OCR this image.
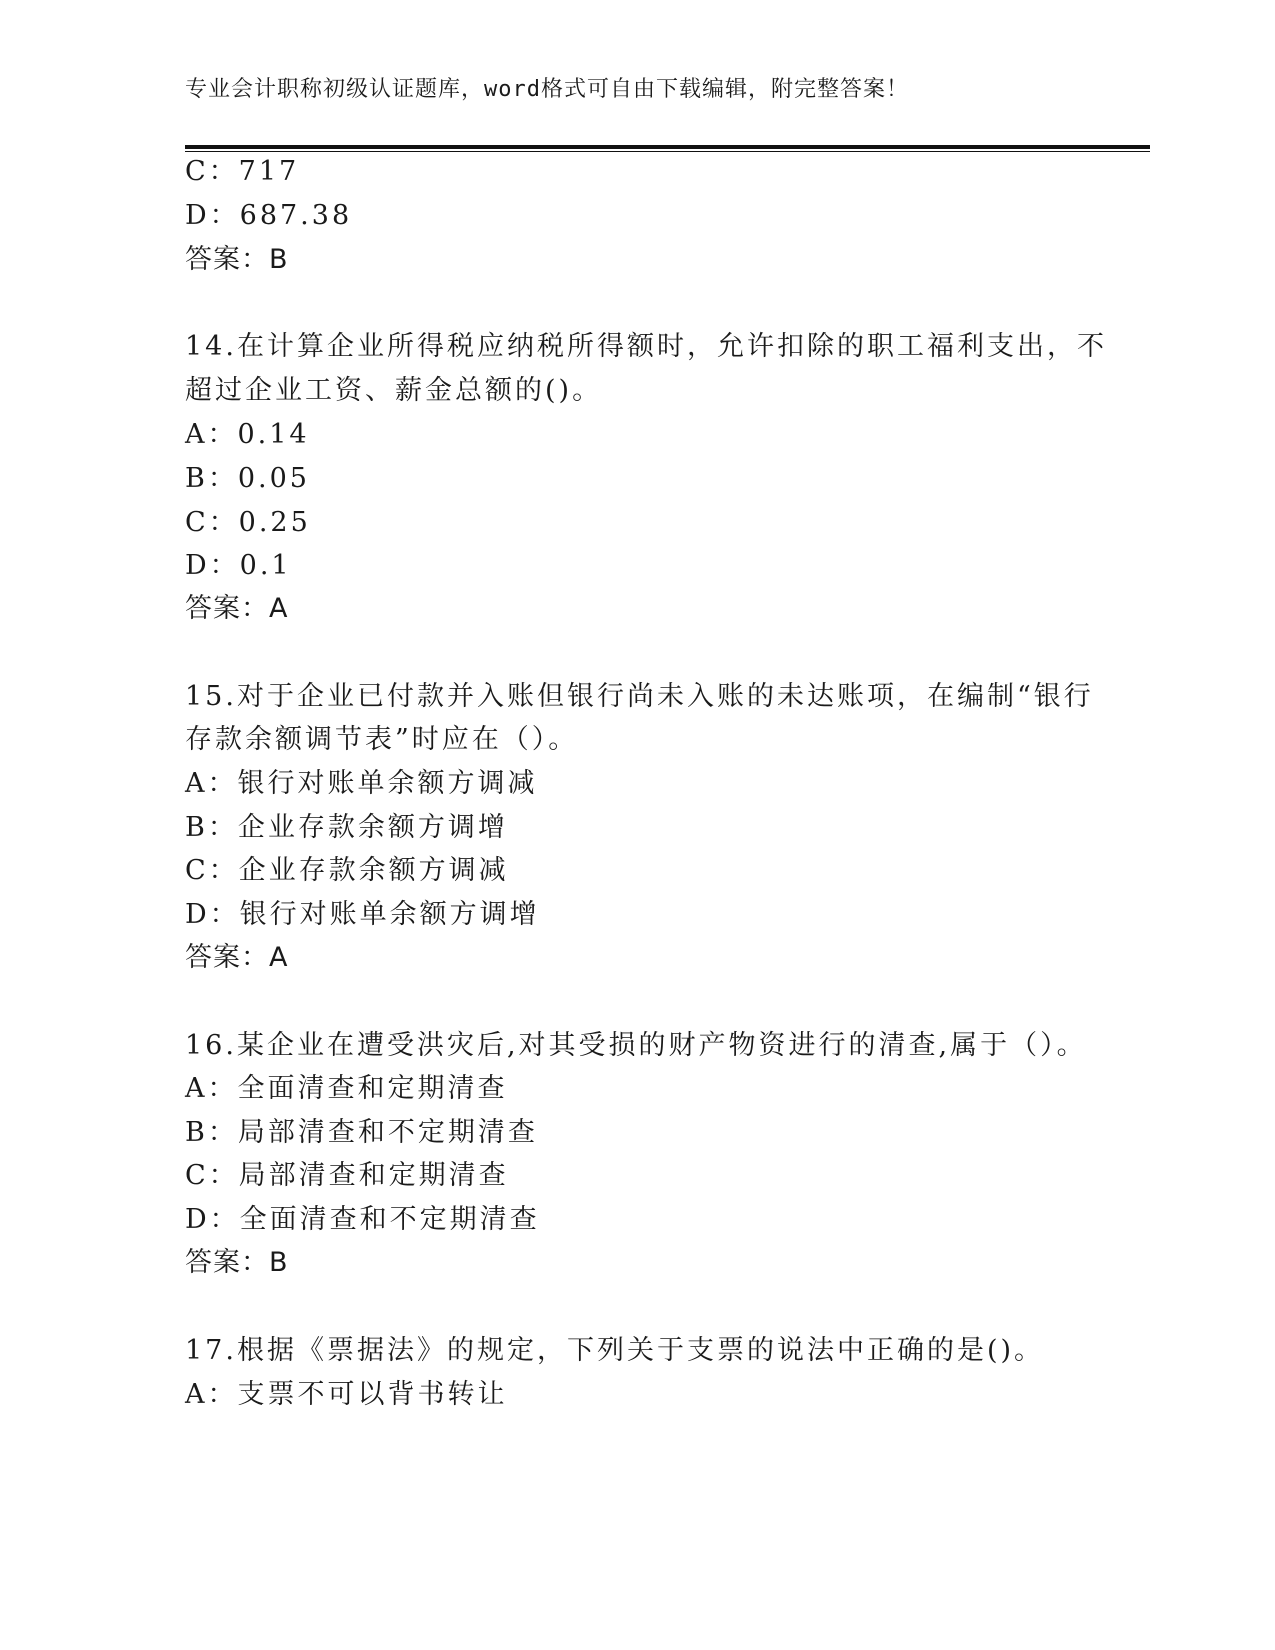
专业会计职称初级认证题库，word格式可自由下载编辑，附完整答案！
C：717
D：687.38
答案：B
14.在计算企业所得税应纳税所得额时，允许扣除的职工福利支出，不
超过企业工资、薪金总额的()。
A：0.14
B：0.05
C：0.25
D：0.1
答案：A
15.对于企业已付款并入账但银行尚未入账的未达账项，在编制“银行
存款余额调节表”时应在（）。
A：银行对账单余额方调减
B：企业存款余额方调增
C：企业存款余额方调减
D：银行对账单余额方调增
答案：A
16.某企业在遭受洪灾后,对其受损的财产物资进行的清查,属于（）。
A：全面清查和定期清查
B：局部清查和不定期清查
C：局部清查和定期清查
D：全面清查和不定期清查
答案：B
17.根据《票据法》的规定，下列关于支票的说法中正确的是()。
A：支票不可以背书转让
